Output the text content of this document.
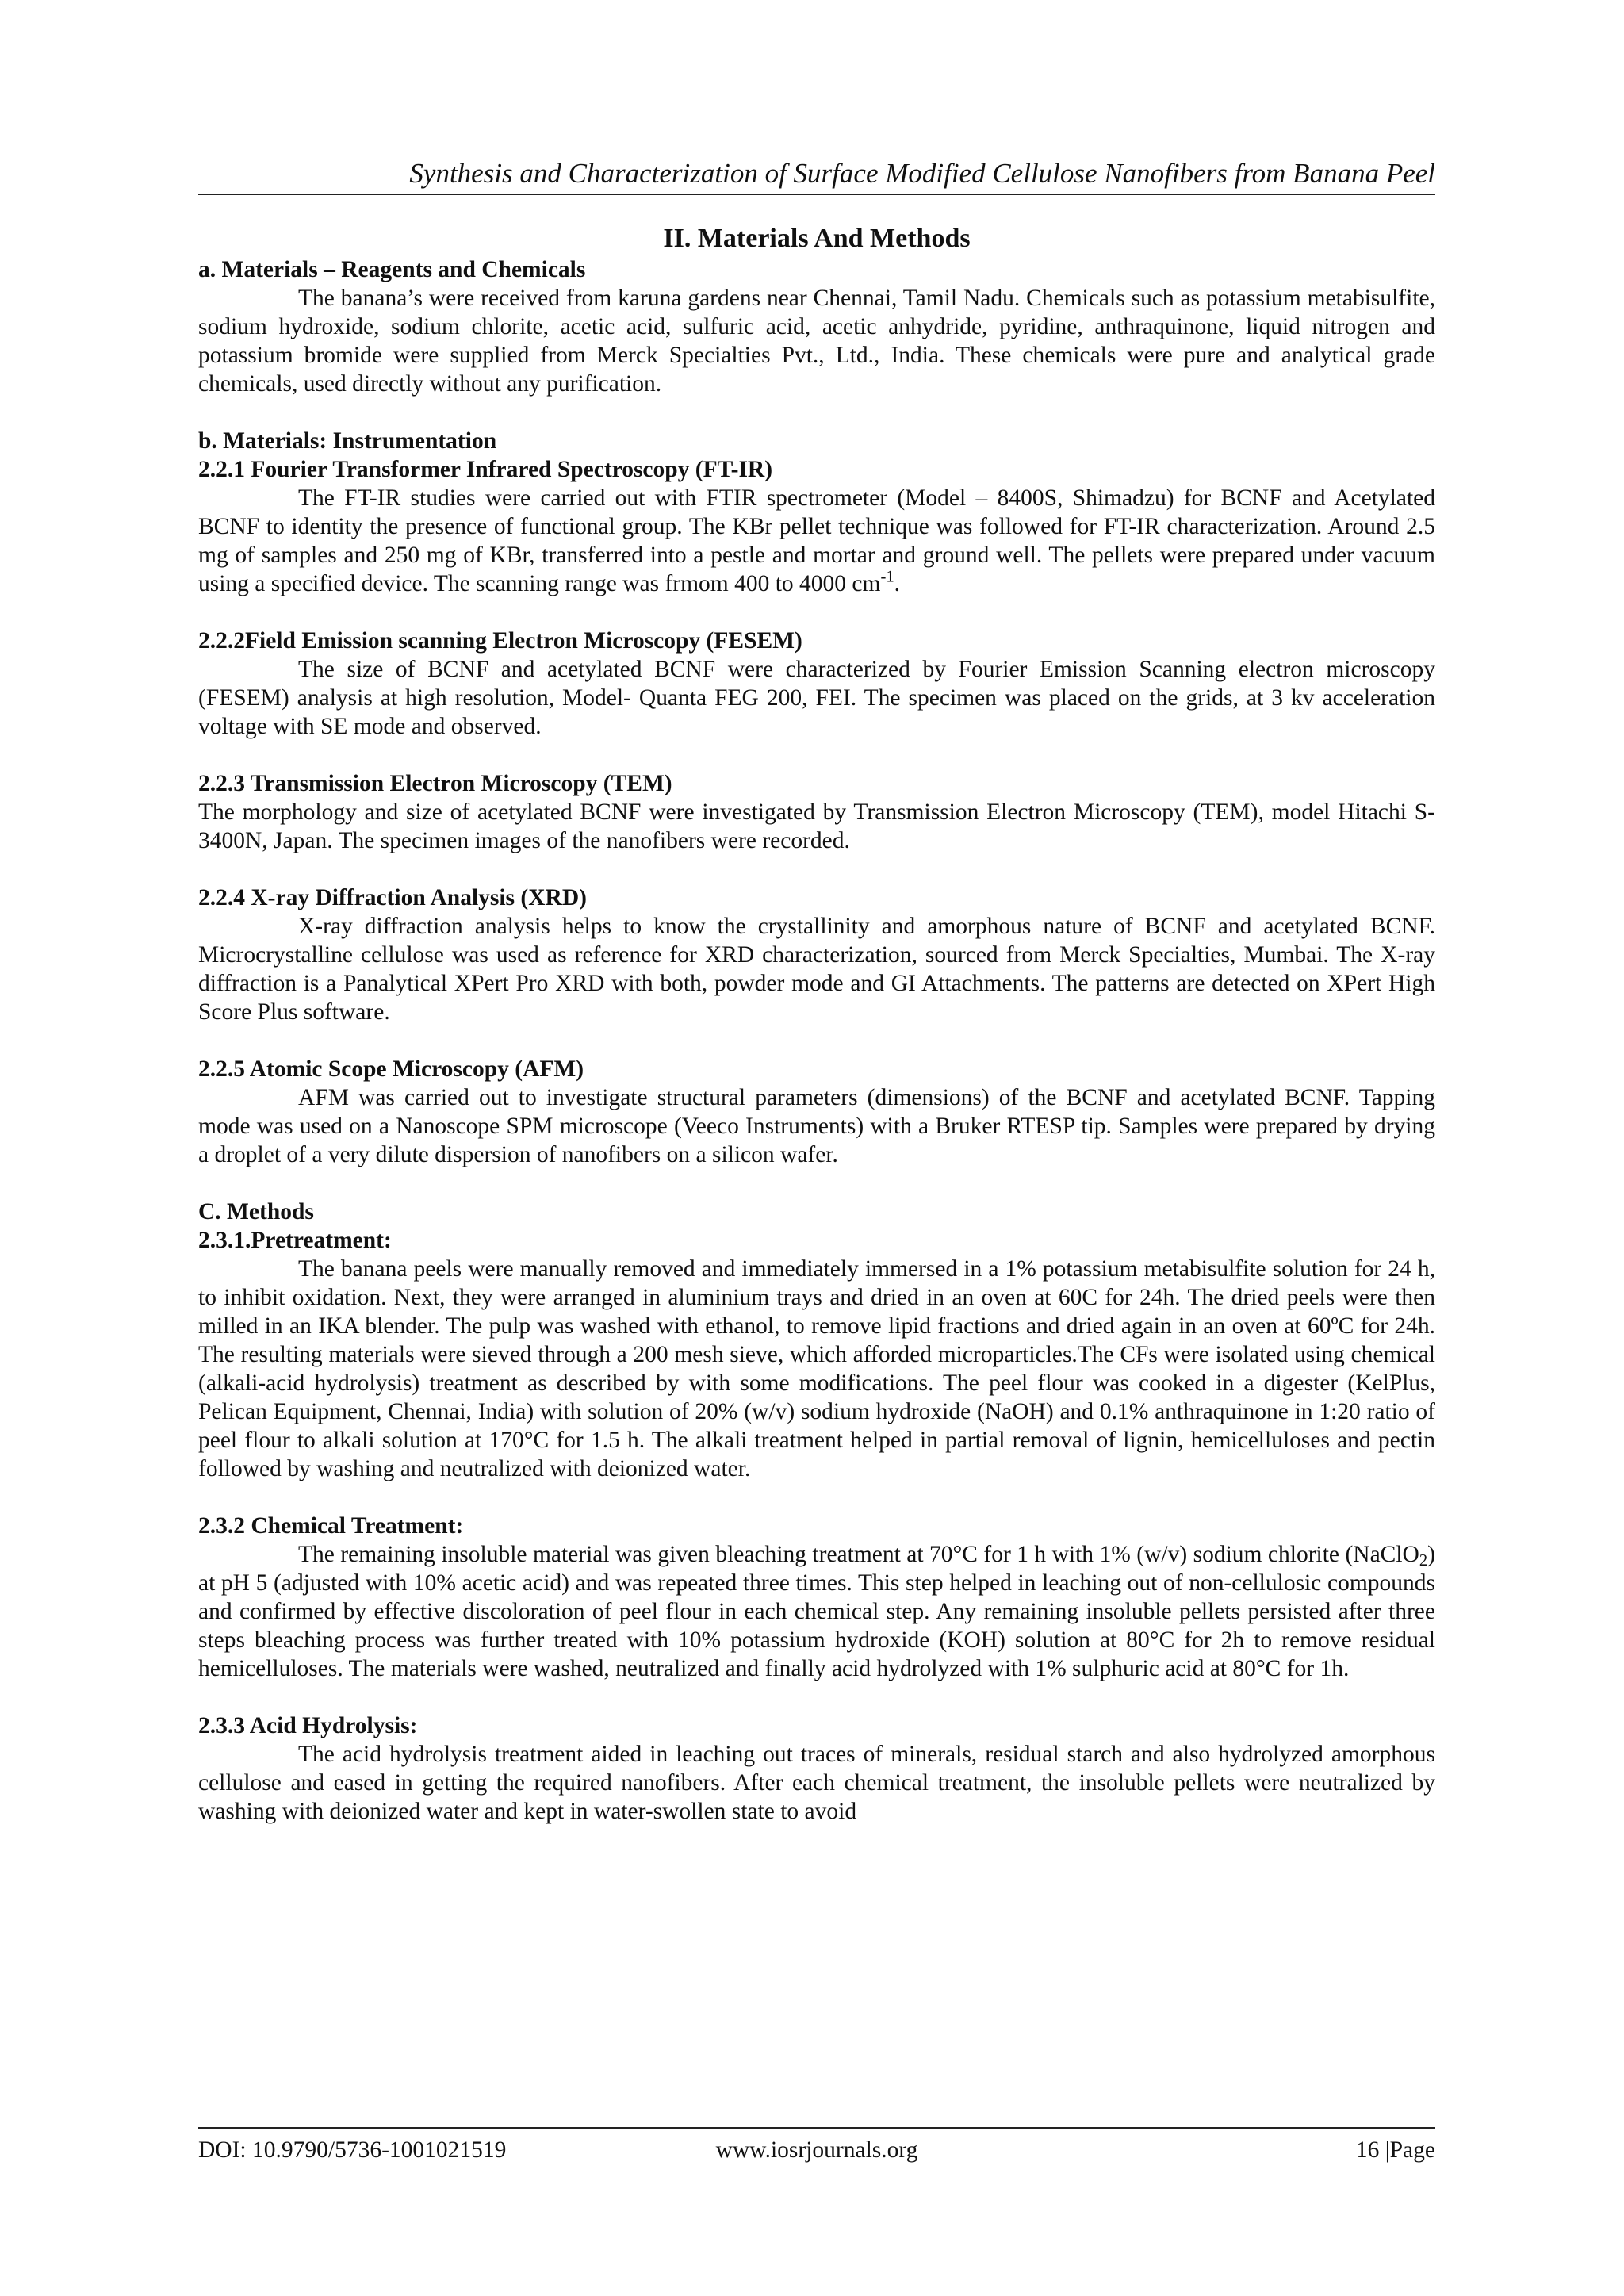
Synthesis and Characterization of Surface Modified Cellulose Nanofibers from Banana Peel
II. Materials And Methods
a. Materials – Reagents and Chemicals

The banana’s were received from karuna gardens near Chennai, Tamil Nadu. Chemicals such as potassium metabisulfite, sodium hydroxide, sodium chlorite, acetic acid, sulfuric acid, acetic anhydride, pyridine, anthraquinone, liquid nitrogen and potassium bromide were supplied from Merck Specialties Pvt., Ltd., India. These chemicals were pure and analytical grade chemicals, used directly without any purification.

b. Materials: Instrumentation
2.2.1 Fourier Transformer Infrared Spectroscopy (FT-IR)

The FT-IR studies were carried out with FTIR spectrometer (Model – 8400S, Shimadzu) for BCNF and Acetylated BCNF to identity the presence of functional group. The KBr pellet technique was followed for FT-IR characterization. Around 2.5 mg of samples and 250 mg of KBr, transferred into a pestle and mortar and ground well. The pellets were prepared under vacuum using a specified device. The scanning range was frmom 400 to 4000 $cm^{-1}$.

2.2.2Field Emission scanning Electron Microscopy (FESEM)

The size of BCNF and acetylated BCNF were characterized by Fourier Emission Scanning electron microscopy (FESEM) analysis at high resolution, Model- Quanta FEG 200, FEI. The specimen was placed on the grids, at 3 kv acceleration voltage with SE mode and observed.

2.2.3 Transmission Electron Microscopy (TEM)

The morphology and size of acetylated BCNF were investigated by Transmission Electron Microscopy (TEM), model Hitachi S-3400N, Japan. The specimen images of the nanofibers were recorded.

2.2.4 X-ray Diffraction Analysis (XRD)

X-ray diffraction analysis helps to know the crystallinity and amorphous nature of BCNF and acetylated BCNF. Microcrystalline cellulose was used as reference for XRD characterization, sourced from Merck Specialties, Mumbai. The X-ray diffraction is a Panalytical XPert Pro XRD with both, powder mode and GI Attachments. The patterns are detected on XPert High Score Plus software.

2.2.5 Atomic Scope Microscopy (AFM)

AFM was carried out to investigate structural parameters (dimensions) of the BCNF and acetylated BCNF. Tapping mode was used on a Nanoscope SPM microscope (Veeco Instruments) with a Bruker RTESP tip. Samples were prepared by drying a droplet of a very dilute dispersion of nanofibers on a silicon wafer.

C. Methods
2.3.1.Pretreatment:

The banana peels were manually removed and immediately immersed in a 1% potassium metabisulfite solution for 24 h, to inhibit oxidation. Next, they were arranged in aluminium trays and dried in an oven at 60C for 24h. The dried peels were then milled in an IKA blender. The pulp was washed with ethanol, to remove lipid fractions and dried again in an oven at 60ºC for 24h. The resulting materials were sieved through a 200 mesh sieve, which afforded microparticles.The CFs were isolated using chemical (alkali-acid hydrolysis) treatment as described by with some modifications. The peel flour was cooked in a digester (KelPlus, Pelican Equipment, Chennai, India) with solution of 20% (w/v) sodium hydroxide (NaOH) and 0.1% anthraquinone in 1:20 ratio of peel flour to alkali solution at 170°C for 1.5 h. The alkali treatment helped in partial removal of lignin, hemicelluloses and pectin followed by washing and neutralized with deionized water.

2.3.2 Chemical Treatment:

The remaining insoluble material was given bleaching treatment at 70°C for 1 h with 1% (w/v) sodium chlorite (NaClO$_2$) at pH 5 (adjusted with 10% acetic acid) and was repeated three times. This step helped in leaching out of non-cellulosic compounds and confirmed by effective discoloration of peel flour in each chemical step. Any remaining insoluble pellets persisted after three steps bleaching process was further treated with 10% potassium hydroxide (KOH) solution at 80°C for 2h to remove residual hemicelluloses. The materials were washed, neutralized and finally acid hydrolyzed with 1% sulphuric acid at 80°C for 1h.

2.3.3 Acid Hydrolysis:

The acid hydrolysis treatment aided in leaching out traces of minerals, residual starch and also hydrolyzed amorphous cellulose and eased in getting the required nanofibers. After each chemical treatment, the insoluble pellets were neutralized by washing with deionized water and kept in water-swollen state to avoid

DOI: 10.9790/5736-1001021519	www.iosrjournals.org	16 |Page
